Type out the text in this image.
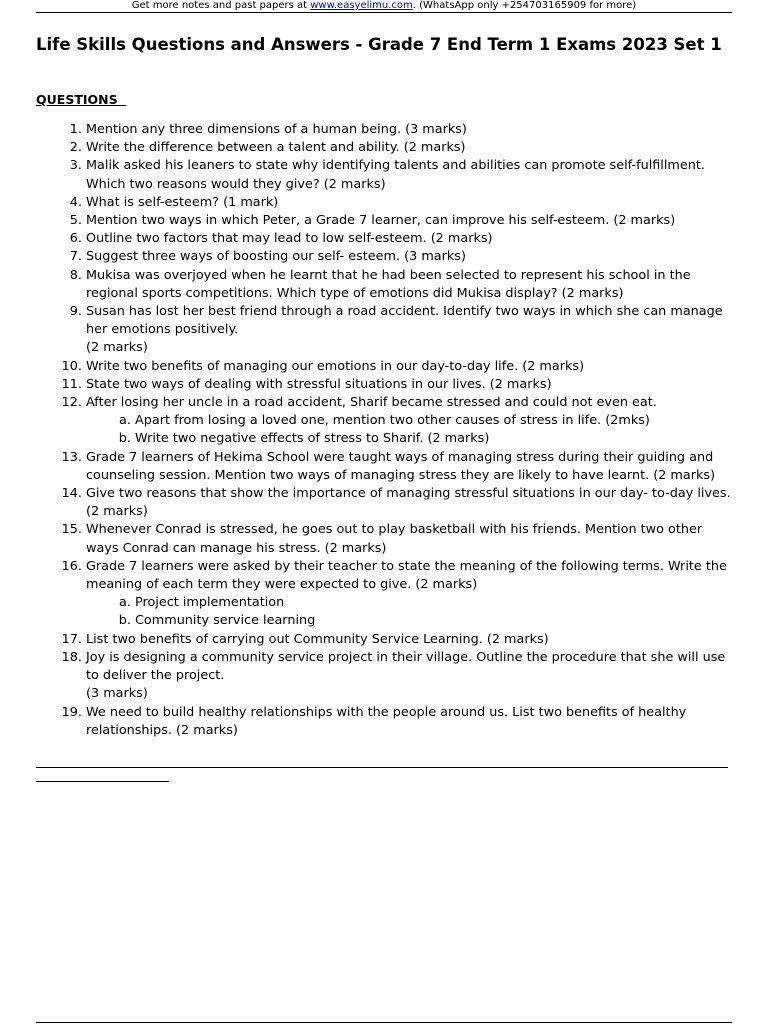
Get more notes and past papers at www.easyelimu.com. (WhatsApp only +254703165909 for more)
Life Skills Questions and Answers - Grade 7 End Term 1 Exams 2023 Set 1
QUESTIONS
1. Mention any three dimensions of a human being. (3 marks)
2. Write the difference between a talent and ability. (2 marks)
3. Malik asked his leaners to state why identifying talents and abilities can promote self-fulfillment. Which two reasons would they give? (2 marks)
4. What is self-esteem? (1 mark)
5. Mention two ways in which Peter, a Grade 7 learner, can improve his self-esteem. (2 marks)
6. Outline two factors that may lead to low self-esteem. (2 marks)
7. Suggest three ways of boosting our self- esteem. (3 marks)
8. Mukisa was overjoyed when he learnt that he had been selected to represent his school in the regional sports competitions. Which type of emotions did Mukisa display? (2 marks)
9. Susan has lost her best friend through a road accident. Identify two ways in which she can manage her emotions positively.
(2 marks)
10. Write two benefits of managing our emotions in our day-to-day life. (2 marks)
11. State two ways of dealing with stressful situations in our lives. (2 marks)
12. After losing her uncle in a road accident, Sharif became stressed and could not even eat.
a. Apart from losing a loved one, mention two other causes of stress in life. (2mks)
b. Write two negative effects of stress to Sharif. (2 marks)
13. Grade 7 learners of Hekima School were taught ways of managing stress during their guiding and counseling session. Mention two ways of managing stress they are likely to have learnt. (2 marks)
14. Give two reasons that show the importance of managing stressful situations in our day- to-day lives. (2 marks)
15. Whenever Conrad is stressed, he goes out to play basketball with his friends. Mention two other ways Conrad can manage his stress. (2 marks)
16. Grade 7 learners were asked by their teacher to state the meaning of the following terms. Write the meaning of each term they were expected to give. (2 marks)
a. Project implementation
b. Community service learning
17. List two benefits of carrying out Community Service Learning. (2 marks)
18. Joy is designing a community service project in their village. Outline the procedure that she will use to deliver the project.
(3 marks)
19. We need to build healthy relationships with the people around us. List two benefits of healthy relationships. (2 marks)
